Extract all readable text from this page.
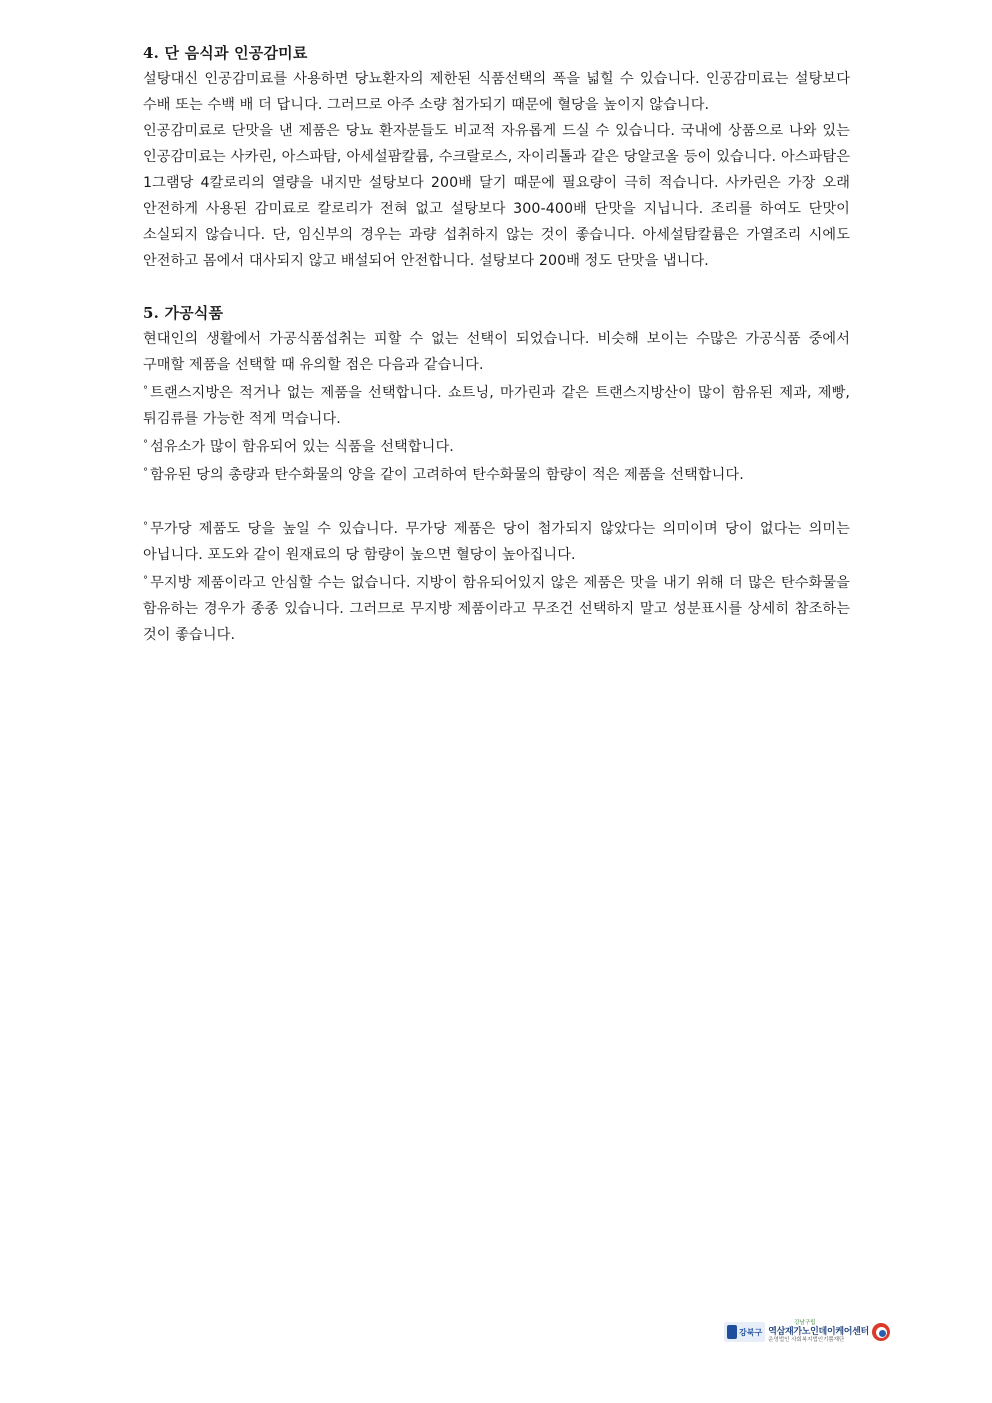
4. 단 음식과 인공감미료

설탕대신 인공감미료를 사용하면 당뇨환자의 제한된 식품선택의 폭을 넓힐 수 있습니다. 인공감미료는 설탕보다 수배 또는 수백 배 더 답니다. 그러므로 아주 소량 첨가되기 때문에 혈당을 높이지 않습니다.

인공감미료로 단맛을 낸 제품은 당뇨 환자분들도 비교적 자유롭게 드실 수 있습니다. 국내에 상품으로 나와 있는 인공감미료는 사카린, 아스파탐, 아세설팜칼륨, 수크랄로스, 자이리톨과 같은 당알코올 등이 있습니다. 아스파탐은 1그램당 4칼로리의 열량을 내지만 설탕보다 200배 달기 때문에 필요량이 극히 적습니다. 사카린은 가장 오래 안전하게 사용된 감미료로 칼로리가 전혀 없고 설탕보다 300-400배 단맛을 지닙니다. 조리를 하여도 단맛이 소실되지 않습니다. 단, 임신부의 경우는 과량 섭취하지 않는 것이 좋습니다. 아세설탐칼륨은 가열조리 시에도 안전하고 몸에서 대사되지 않고 배설되어 안전합니다. 설탕보다 200배 정도 단맛을 냅니다.

5. 가공식품

현대인의 생활에서 가공식품섭취는 피할 수 없는 선택이 되었습니다. 비슷해 보이는 수많은 가공식품 중에서 구매할 제품을 선택할 때 유의할 점은 다음과 같습니다.

° 트랜스지방은 적거나 없는 제품을 선택합니다. 쇼트닝, 마가린과 같은 트랜스지방산이 많이 함유된 제과, 제빵, 튀김류를 가능한 적게 먹습니다.

° 섬유소가 많이 함유되어 있는 식품을 선택합니다.

° 함유된 당의 총량과 탄수화물의 양을 같이 고려하여 탄수화물의 함량이 적은 제품을 선택합니다.

° 무가당 제품도 당을 높일 수 있습니다. 무가당 제품은 당이 첨가되지 않았다는 의미이며 당이 없다는 의미는 아닙니다. 포도와 같이 원재료의 당 함량이 높으면 혈당이 높아집니다.

° 무지방 제품이라고 안심할 수는 없습니다. 지방이 함유되어있지 않은 제품은 맛을 내기 위해 더 많은 탄수화물을 함유하는 경우가 종종 있습니다. 그러므로 무지방 제품이라고 무조건 선택하지 말고 성분표시를 상세히 참조하는 것이 좋습니다.

강북구
강남구립
역삼재가노인데이케어센터
운영법인 사회복지법인기쁨재단
